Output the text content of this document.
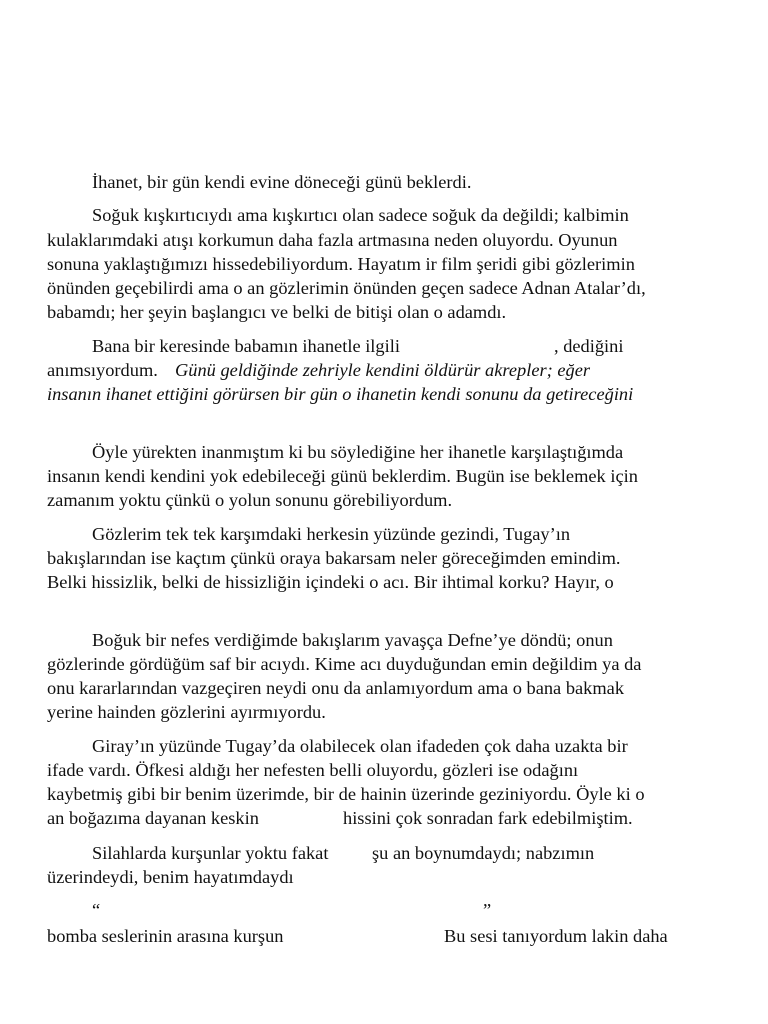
İhanet, bir gün kendi evine döneceği günü beklerdi.
Soğuk kışkırtıcıydı ama kışkırtıcı olan sadece soğuk da değildi; kalbimin
kulaklarımdaki atışı korkumun daha fazla artmasına neden oluyordu. Oyunun
sonuna yaklaştığımızı hissedebiliyordum. Hayatım ir film şeridi gibi gözlerimin
önünden geçebilirdi ama o an gözlerimin önünden geçen sadece Adnan Atalar’dı,
babamdı; her şeyin başlangıcı ve belki de bitişi olan o adamdı.
Bana bir keresinde babamın ihanetle ilgili	, dediğini
anımsıyordum. Günü geldiğinde zehriyle kendini öldürür akrepler; eğer
insanın ihanet ettiğini görürsen bir gün o ihanetin kendi sonunu da getireceğini
Öyle yürekten inanmıştım ki bu söylediğine her ihanetle karşılaştığımda
insanın kendi kendini yok edebileceği günü beklerdim. Bugün ise beklemek için
zamanım yoktu çünkü o yolun sonunu görebiliyordum.
Gözlerim tek tek karşımdaki herkesin yüzünde gezindi, Tugay’ın
bakışlarından ise kaçtım çünkü oraya bakarsam neler göreceğimden emindim.
Belki hissizlik, belki de hissizliğin içindeki o acı. Bir ihtimal korku? Hayır, o
Boğuk bir nefes verdiğimde bakışlarım yavaşça Defne’ye döndü; onun
gözlerinde gördüğüm saf bir acıydı. Kime acı duyduğundan emin değildim ya da
onu kararlarından vazgeçiren neydi onu da anlamıyordum ama o bana bakmak
yerine hainden gözlerini ayırmıyordu.
Giray’ın yüzünde Tugay’da olabilecek olan ifadeden çok daha uzakta bir
ifade vardı. Öfkesi aldığı her nefesten belli oluyordu, gözleri ise odağını
kaybetmiş gibi bir benim üzerimde, bir de hainin üzerinde geziniyordu. Öyle ki o
an boğazıma dayanan keskin	hissini çok sonradan fark edebilmiştim.
Silahlarda kurşunlar yoktu fakat şu an boynumdaydı; nabzımın
üzerindeydi, benim hayatımdaydı
“	”
bomba seslerinin arasına kurşun	Bu sesi tanıyordum lakin daha
